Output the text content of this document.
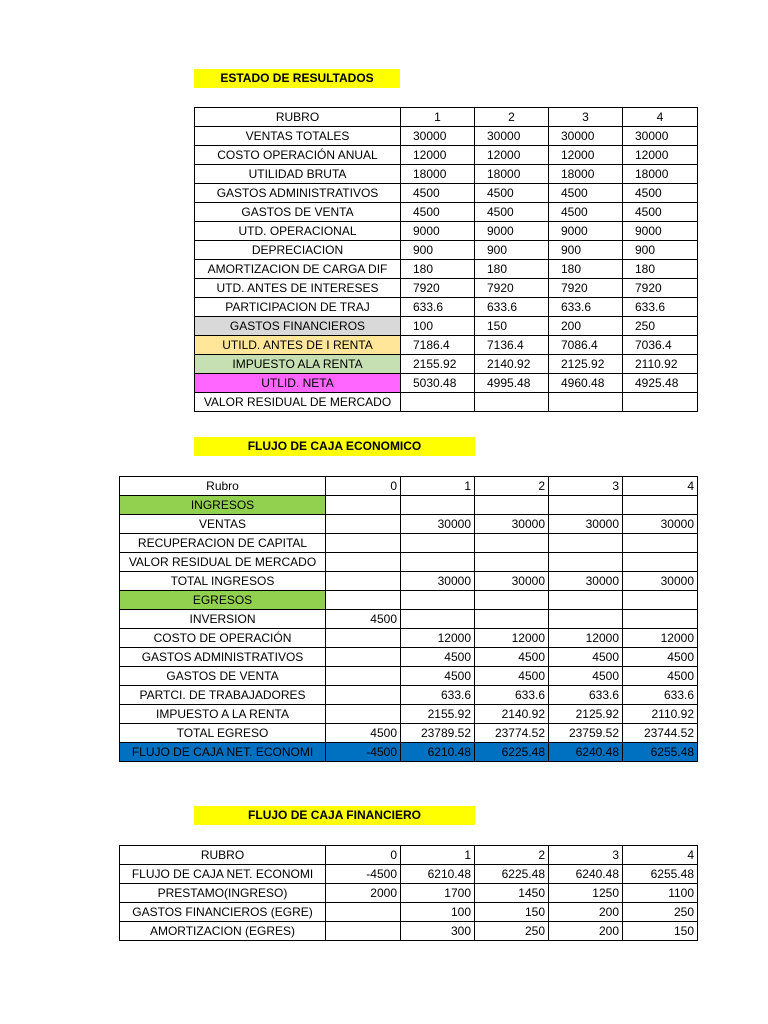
ESTADO DE RESULTADOS
RUBRO	1	2	3	4
VENTAS TOTALES	30000	30000	30000	30000
COSTO OPERACIÓN ANUAL	12000	12000	12000	12000
UTILIDAD BRUTA	18000	18000	18000	18000
GASTOS ADMINISTRATIVOS	4500	4500	4500	4500
GASTOS DE VENTA	4500	4500	4500	4500
UTD. OPERACIONAL	9000	9000	9000	9000
DEPRECIACION	900	900	900	900
AMORTIZACION DE CARGA DIF	180	180	180	180
UTD. ANTES DE INTERESES	7920	7920	7920	7920
PARTICIPACION DE TRAJ	633.6	633.6	633.6	633.6
GASTOS FINANCIEROS	100	150	200	250
UTILD. ANTES DE I RENTA	7186.4	7136.4	7086.4	7036.4
IMPUESTO ALA RENTA	2155.92	2140.92	2125.92	2110.92
UTLID. NETA	5030.48	4995.48	4960.48	4925.48
VALOR RESIDUAL DE MERCADO				
FLUJO DE CAJA ECONOMICO
Rubro	0	1	2	3	4
INGRESOS					
VENTAS		30000	30000	30000	30000
RECUPERACION DE CAPITAL					
VALOR RESIDUAL DE MERCADO					
TOTAL INGRESOS		30000	30000	30000	30000
EGRESOS					
INVERSION	4500				
COSTO DE OPERACIÓN		12000	12000	12000	12000
GASTOS ADMINISTRATIVOS		4500	4500	4500	4500
GASTOS DE VENTA		4500	4500	4500	4500
PARTCI. DE TRABAJADORES		633.6	633.6	633.6	633.6
IMPUESTO A LA RENTA		2155.92	2140.92	2125.92	2110.92
TOTAL EGRESO	4500	23789.52	23774.52	23759.52	23744.52
FLUJO DE CAJA NET. ECONOMI	-4500	6210.48	6225.48	6240.48	6255.48
FLUJO DE CAJA FINANCIERO
RUBRO	0	1	2	3	4
FLUJO DE CAJA NET. ECONOMI	-4500	6210.48	6225.48	6240.48	6255.48
PRESTAMO(INGRESO)	2000	1700	1450	1250	1100
GASTOS FINANCIEROS (EGRE)		100	150	200	250
AMORTIZACION (EGRES)		300	250	200	150
